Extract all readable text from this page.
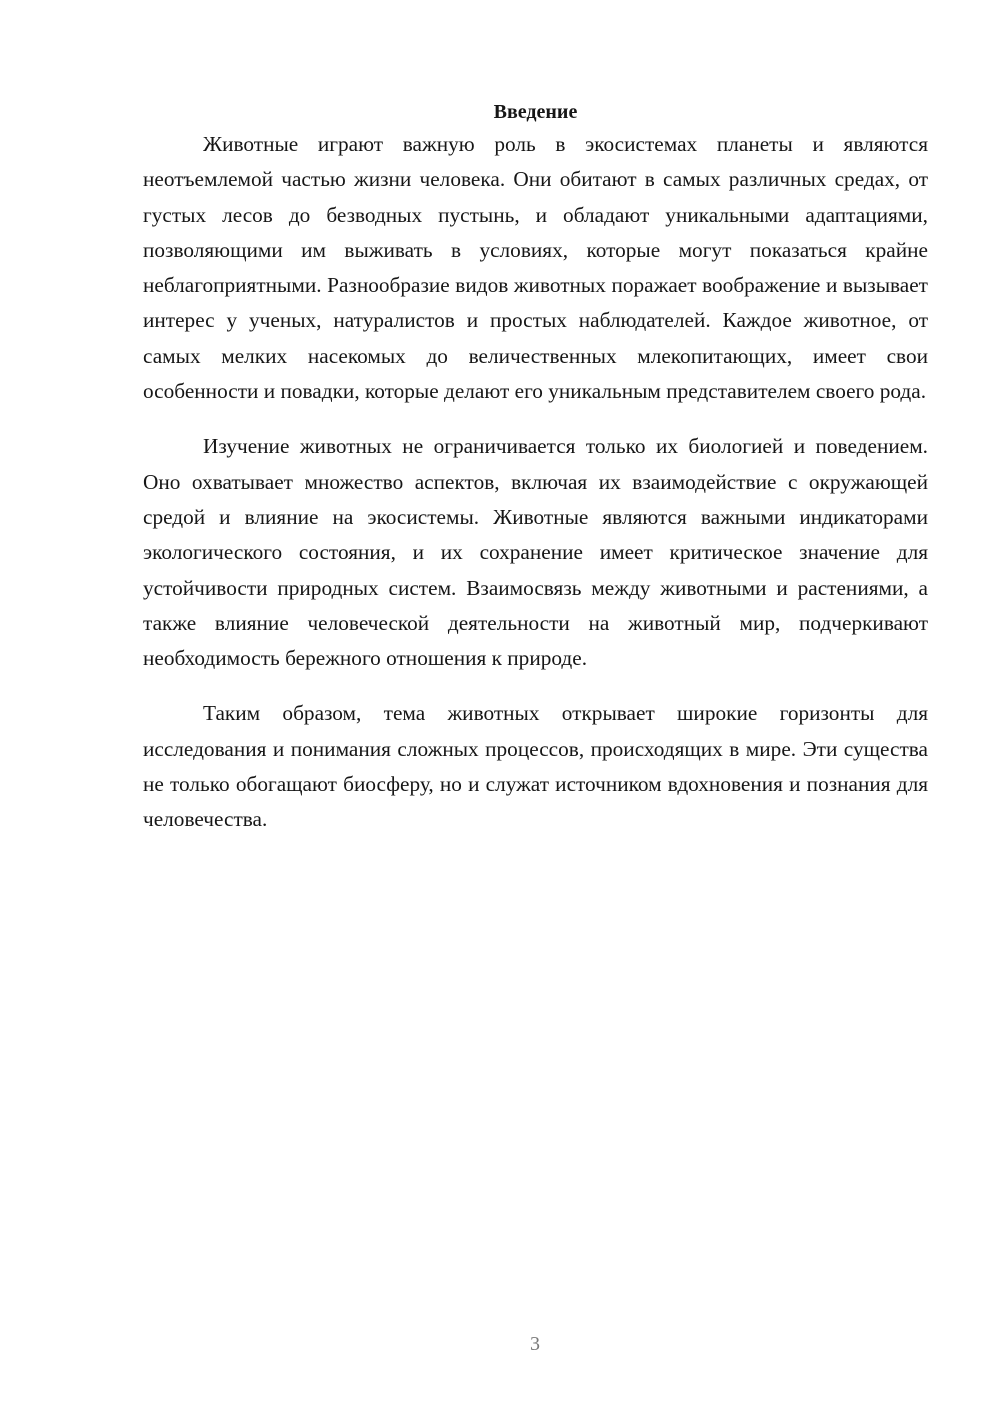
Введение

Животные играют важную роль в экосистемах планеты и являются неотъемлемой частью жизни человека. Они обитают в самых различных средах, от густых лесов до безводных пустынь, и обладают уникальными адаптациями, позволяющими им выживать в условиях, которые могут показаться крайне неблагоприятными. Разнообразие видов животных поражает воображение и вызывает интерес у ученых, натуралистов и простых наблюдателей. Каждое животное, от самых мелких насекомых до величественных млекопитающих, имеет свои особенности и повадки, которые делают его уникальным представителем своего рода.

Изучение животных не ограничивается только их биологией и поведением. Оно охватывает множество аспектов, включая их взаимодействие с окружающей средой и влияние на экосистемы. Животные являются важными индикаторами экологического состояния, и их сохранение имеет критическое значение для устойчивости природных систем. Взаимосвязь между животными и растениями, а также влияние человеческой деятельности на животный мир, подчеркивают необходимость бережного отношения к природе.

Таким образом, тема животных открывает широкие горизонты для исследования и понимания сложных процессов, происходящих в мире. Эти существа не только обогащают биосферу, но и служат источником вдохновения и познания для человечества.

3
